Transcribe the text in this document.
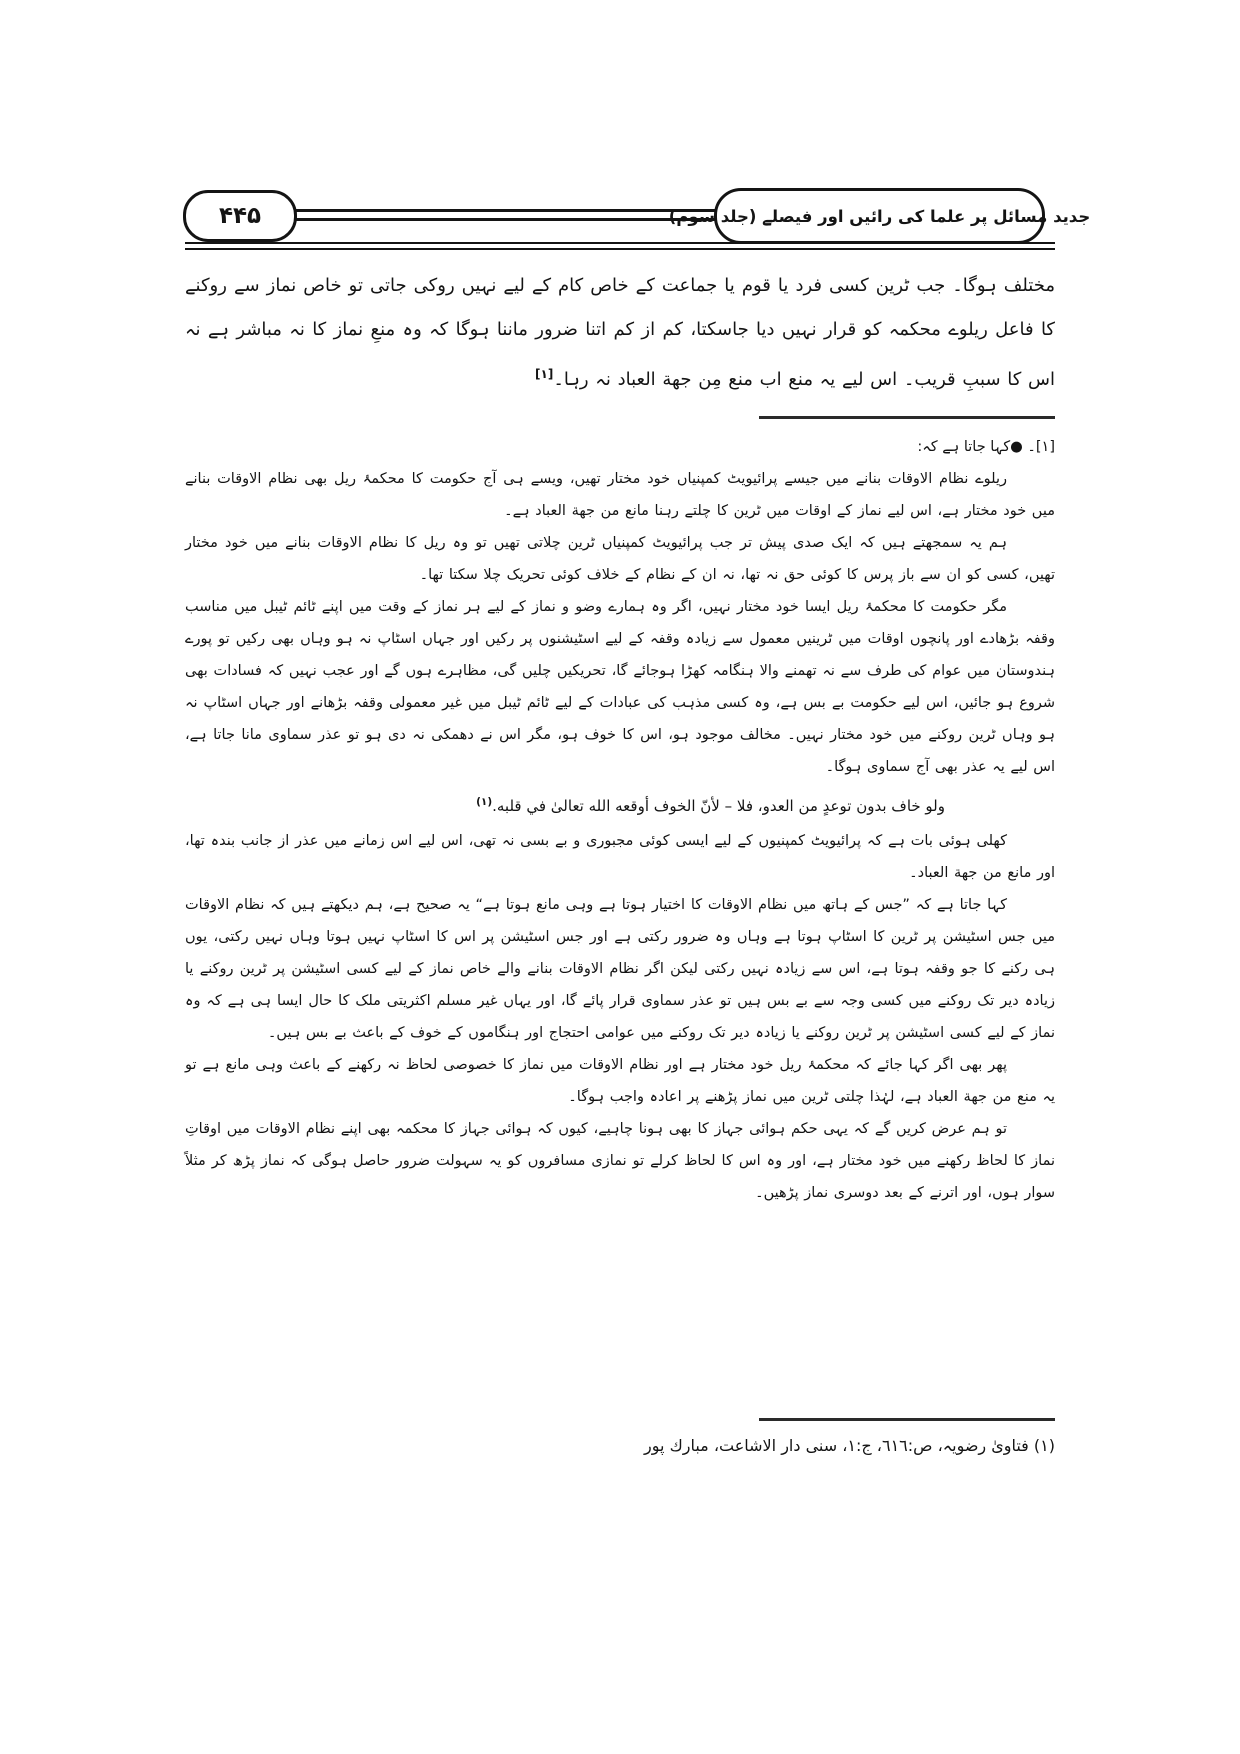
۴۴۵	جدید مسائل پر علما کی رائیں اور فیصلے (جلد سوم)

مختلف ہوگا۔ جب ٹرین کسی فرد یا قوم یا جماعت کے خاص کام کے لیے نہیں روکی جاتی تو خاص نماز سے روکنے کا فاعل ریلوے محکمہ کو قرار نہیں دیا جاسکتا، کم از کم اتنا ضرور ماننا ہوگا کہ وہ منعِ نماز کا نہ مباشر ہے نہ اس کا سببِ قریب۔ اس لیے یہ منع اب منع مِن جهة العباد نہ رہا۔[۱]

[۱]۔ ●کہا جاتا ہے کہ:

ریلوے نظام الاوقات بنانے میں جیسے پرائیویٹ کمپنیاں خود مختار تھیں، ویسے ہی آج حکومت کا محکمۂ ریل بھی نظام الاوقات بنانے میں خود مختار ہے، اس لیے نماز کے اوقات میں ٹرین کا چلتے رہنا مانع من جهة العباد ہے۔

ہم یہ سمجھتے ہیں کہ ایک صدی پیش تر جب پرائیویٹ کمپنیاں ٹرین چلاتی تھیں تو وہ ریل کا نظام الاوقات بنانے میں خود مختار تھیں، کسی کو ان سے باز پرس کا کوئی حق نہ تھا، نہ ان کے نظام کے خلاف کوئی تحریک چلا سکتا تھا۔

مگر حکومت کا محکمۂ ریل ایسا خود مختار نہیں، اگر وہ ہمارے وضو و نماز کے لیے ہر نماز کے وقت میں اپنے ٹائم ٹیبل میں مناسب وقفہ بڑھادے اور پانچوں اوقات میں ٹرینیں معمول سے زیادہ وقفہ کے لیے اسٹیشنوں پر رکیں اور جہاں اسٹاپ نہ ہو وہاں بھی رکیں تو پورے ہندوستان میں عوام کی طرف سے نہ تھمنے والا ہنگامہ کھڑا ہوجائے گا، تحریکیں چلیں گی، مظاہرے ہوں گے اور عجب نہیں کہ فسادات بھی شروع ہو جائیں، اس لیے حکومت بے بس ہے، وہ کسی مذہب کی عبادات کے لیے ٹائم ٹیبل میں غیر معمولی وقفہ بڑھانے اور جہاں اسٹاپ نہ ہو وہاں ٹرین روکنے میں خود مختار نہیں۔ مخالف موجود ہو، اس کا خوف ہو، مگر اس نے دھمکی نہ دی ہو تو عذر سماوی مانا جاتا ہے، اس لیے یہ عذر بھی آج سماوی ہوگا۔

ولو خاف بدون توعدٍ من العدو، فلا – لأنّ الخوف أوقعه الله تعالیٰ في قلبه.$^{(۱)}$

کھلی ہوئی بات ہے کہ پرائیویٹ کمپنیوں کے لیے ایسی کوئی مجبوری و بے بسی نہ تھی، اس لیے اس زمانے میں عذر از جانب بندہ تھا، اور مانع من جهة العباد۔

کہا جاتا ہے کہ ”جس کے ہاتھ میں نظام الاوقات کا اختیار ہوتا ہے وہی مانع ہوتا ہے“ یہ صحیح ہے، ہم دیکھتے ہیں کہ نظام الاوقات میں جس اسٹیشن پر ٹرین کا اسٹاپ ہوتا ہے وہاں وہ ضرور رکتی ہے اور جس اسٹیشن پر اس کا اسٹاپ نہیں ہوتا وہاں نہیں رکتی، یوں ہی رکنے کا جو وقفہ ہوتا ہے، اس سے زیادہ نہیں رکتی لیکن اگر نظام الاوقات بنانے والے خاص نماز کے لیے کسی اسٹیشن پر ٹرین روکنے یا زیادہ دیر تک روکنے میں کسی وجہ سے بے بس ہیں تو عذر سماوی قرار پائے گا، اور یہاں غیر مسلم اکثریتی ملک کا حال ایسا ہی ہے کہ وہ نماز کے لیے کسی اسٹیشن پر ٹرین روکنے یا زیادہ دیر تک روکنے میں عوامی احتجاج اور ہنگاموں کے خوف کے باعث بے بس ہیں۔

پھر بھی اگر کہا جائے کہ محکمۂ ریل خود مختار ہے اور نظام الاوقات میں نماز کا خصوصی لحاظ نہ رکھنے کے باعث وہی مانع ہے تو یہ منع من جهة العباد ہے، لہٰذا چلتی ٹرین میں نماز پڑھنے پر اعادہ واجب ہوگا۔

تو ہم عرض کریں گے کہ یہی حکم ہوائی جہاز کا بھی ہونا چاہیے، کیوں کہ ہوائی جہاز کا محکمہ بھی اپنے نظام الاوقات میں اوقاتِ نماز کا لحاظ رکھنے میں خود مختار ہے، اور وہ اس کا لحاظ کرلے تو نمازی مسافروں کو یہ سہولت ضرور حاصل ہوگی کہ نماز پڑھ کر مثلاً سوار ہوں، اور اترنے کے بعد دوسری نماز پڑھیں۔

(۱) فتاویٰ رضویہ، ص:٦١٦، ج:١، سنی دار الاشاعت، مبارك پور
